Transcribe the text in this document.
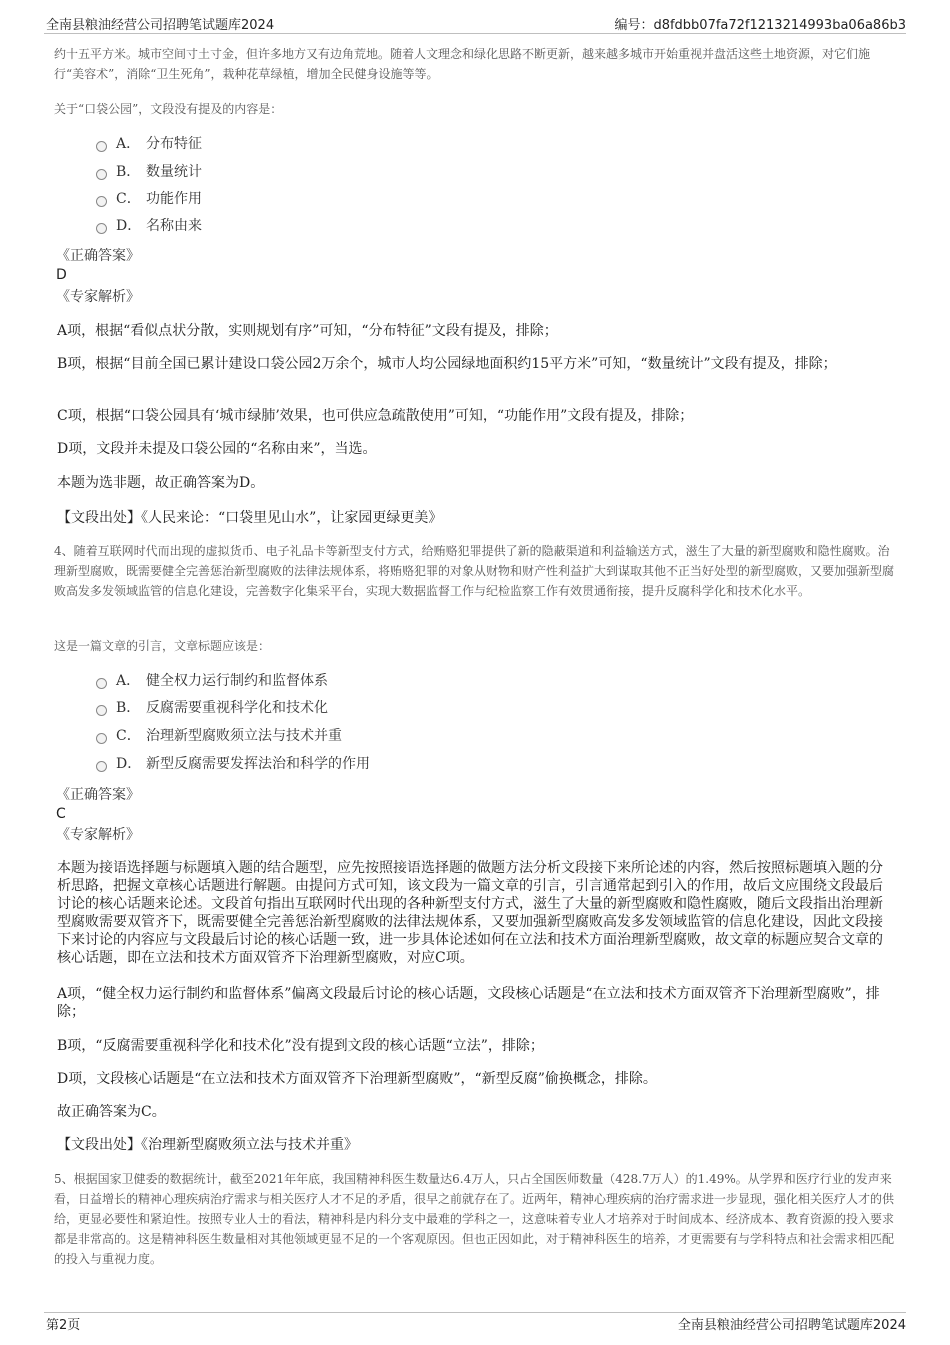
全南县粮油经营公司招聘笔试题库2024	编号：d8fdbb07fa72f1213214993ba06a86b3

约十五平方米。城市空间寸土寸金，但许多地方又有边角荒地。随着人文理念和绿化思路不断更新，越来越多城市开始重视并盘活这些土地资源，对它们施行“美容术”，消除“卫生死角”，栽种花草绿植，增加全民健身设施等等。

关于“口袋公园”，文段没有提及的内容是：
A． 分布特征
B． 数量统计
C． 功能作用
D． 名称由来
《正确答案》
D
《专家解析》

A项，根据“看似点状分散，实则规划有序”可知，“分布特征”文段有提及，排除；

B项，根据“目前全国已累计建设口袋公园2万余个，城市人均公园绿地面积约15平方米”可知，“数量统计”文段有提及，排除；

C项，根据“口袋公园具有‘城市绿肺’效果，也可供应急疏散使用”可知，“功能作用”文段有提及，排除；

D项，文段并未提及口袋公园的“名称由来”，当选。

本题为选非题，故正确答案为D。

【文段出处】《人民来论：“口袋里见山水”，让家园更绿更美》

4、随着互联网时代而出现的虚拟货币、电子礼品卡等新型支付方式，给贿赂犯罪提供了新的隐蔽渠道和利益输送方式，滋生了大量的新型腐败和隐性腐败。治理新型腐败，既需要健全完善惩治新型腐败的法律法规体系，将贿赂犯罪的对象从财物和财产性利益扩大到谋取其他不正当好处型的新型腐败，又要加强新型腐败高发多发领域监管的信息化建设，完善数字化集采平台，实现大数据监督工作与纪检监察工作有效贯通衔接，提升反腐科学化和技术化水平。

这是一篇文章的引言，文章标题应该是：
A． 健全权力运行制约和监督体系
B． 反腐需要重视科学化和技术化
C． 治理新型腐败须立法与技术并重
D． 新型反腐需要发挥法治和科学的作用
《正确答案》
C
《专家解析》

本题为接语选择题与标题填入题的结合题型，应先按照接语选择题的做题方法分析文段接下来所论述的内容，然后按照标题填入题的分析思路，把握文章核心话题进行解题。由提问方式可知，该文段为一篇文章的引言，引言通常起到引入的作用，故后文应围绕文段最后讨论的核心话题来论述。文段首句指出互联网时代出现的各种新型支付方式，滋生了大量的新型腐败和隐性腐败，随后文段指出治理新型腐败需要双管齐下，既需要健全完善惩治新型腐败的法律法规体系，又要加强新型腐败高发多发领域监管的信息化建设，因此文段接下来讨论的内容应与文段最后讨论的核心话题一致，进一步具体论述如何在立法和技术方面治理新型腐败，故文章的标题应契合文章的核心话题，即在立法和技术方面双管齐下治理新型腐败，对应C项。

A项，“健全权力运行制约和监督体系”偏离文段最后讨论的核心话题，文段核心话题是“在立法和技术方面双管齐下治理新型腐败”，排除；

B项，“反腐需要重视科学化和技术化”没有提到文段的核心话题“立法”，排除；

D项，文段核心话题是“在立法和技术方面双管齐下治理新型腐败”，“新型反腐”偷换概念，排除。

故正确答案为C。

【文段出处】《治理新型腐败须立法与技术并重》

5、根据国家卫健委的数据统计，截至2021年年底，我国精神科医生数量达6.4万人，只占全国医师数量（428.7万人）的1.49%。从学界和医疗行业的发声来看，日益增长的精神心理疾病治疗需求与相关医疗人才不足的矛盾，很早之前就存在了。近两年，精神心理疾病的治疗需求进一步显现，强化相关医疗人才的供给，更显必要性和紧迫性。按照专业人士的看法，精神科是内科分支中最难的学科之一，这意味着专业人才培养对于时间成本、经济成本、教育资源的投入要求都是非常高的。这是精神科医生数量相对其他领域更显不足的一个客观原因。但也正因如此，对于精神科医生的培养，才更需要有与学科特点和社会需求相匹配的投入与重视力度。

第2页	全南县粮油经营公司招聘笔试题库2024
